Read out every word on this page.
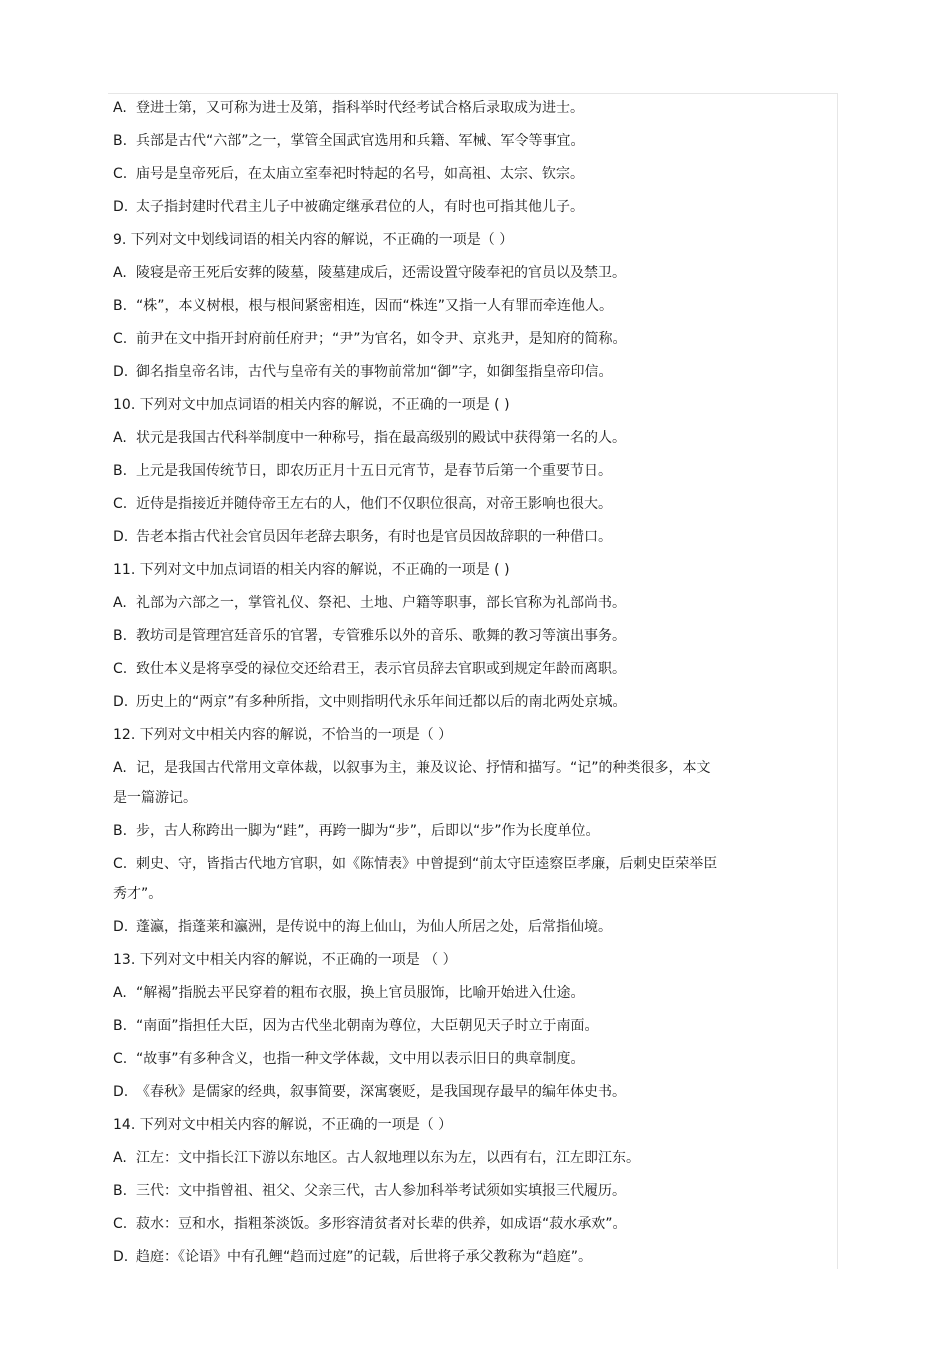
A. 登进士第，又可称为进士及第，指科举时代经考试合格后录取成为进士。
B. 兵部是古代“六部”之一，掌管全国武官选用和兵籍、军械、军令等事宜。
C. 庙号是皇帝死后，在太庙立室奉祀时特起的名号，如高祖、太宗、钦宗。
D. 太子指封建时代君主儿子中被确定继承君位的人，有时也可指其他儿子。
9. 下列对文中划线词语的相关内容的解说，不正确的一项是（ ）
A. 陵寝是帝王死后安葬的陵墓，陵墓建成后，还需设置守陵奉祀的官员以及禁卫。
B. “株”，本义树根，根与根间紧密相连，因而“株连”又指一人有罪而牵连他人。
C. 前尹在文中指开封府前任府尹；“尹”为官名，如令尹、京兆尹，是知府的简称。
D. 御名指皇帝名讳，古代与皇帝有关的事物前常加“御”字，如御玺指皇帝印信。
10. 下列对文中加点词语的相关内容的解说，不正确的一项是 ( )
A. 状元是我国古代科举制度中一种称号，指在最高级别的殿试中获得第一名的人。
B. 上元是我国传统节日，即农历正月十五日元宵节，是春节后第一个重要节日。
C. 近侍是指接近并随侍帝王左右的人，他们不仅职位很高，对帝王影响也很大。
D. 告老本指古代社会官员因年老辞去职务，有时也是官员因故辞职的一种借口。
11. 下列对文中加点词语的相关内容的解说，不正确的一项是 ( )
A. 礼部为六部之一，掌管礼仪、祭祀、土地、户籍等职事，部长官称为礼部尚书。
B. 教坊司是管理宫廷音乐的官署，专管雅乐以外的音乐、歌舞的教习等演出事务。
C. 致仕本义是将享受的禄位交还给君王，表示官员辞去官职或到规定年龄而离职。
D. 历史上的“两京”有多种所指，文中则指明代永乐年间迁都以后的南北两处京城。
12. 下列对文中相关内容的解说，不恰当的一项是（ ）
A. 记，是我国古代常用文章体裁，以叙事为主，兼及议论、抒情和描写。“记”的种类很多，本文
是一篇游记。
B. 步，古人称跨出一脚为“跬”，再跨一脚为“步”，后即以“步”作为长度单位。
C. 刺史、守，皆指古代地方官职，如《陈情表》中曾提到“前太守臣逵察臣孝廉，后刺史臣荣举臣
秀才”。
D. 蓬瀛，指蓬莱和瀛洲，是传说中的海上仙山，为仙人所居之处，后常指仙境。
13. 下列对文中相关内容的解说，不正确的一项是 （ ）
A. “解褐”指脱去平民穿着的粗布衣服，换上官员服饰，比喻开始进入仕途。
B. “南面”指担任大臣，因为古代坐北朝南为尊位，大臣朝见天子时立于南面。
C. “故事”有多种含义，也指一种文学体裁，文中用以表示旧日的典章制度。
D. 《春秋》是儒家的经典，叙事简要，深寓褒贬，是我国现存最早的编年体史书。
14. 下列对文中相关内容的解说，不正确的一项是（ ）
A. 江左：文中指长江下游以东地区。古人叙地理以东为左，以西有右，江左即江东。
B. 三代：文中指曾祖、祖父、父亲三代，古人参加科举考试须如实填报三代履历。
C. 菽水：豆和水，指粗茶淡饭。多形容清贫者对长辈的供养，如成语“菽水承欢”。
D. 趋庭：《论语》中有孔鲤“趋而过庭”的记载，后世将子承父教称为“趋庭”。
